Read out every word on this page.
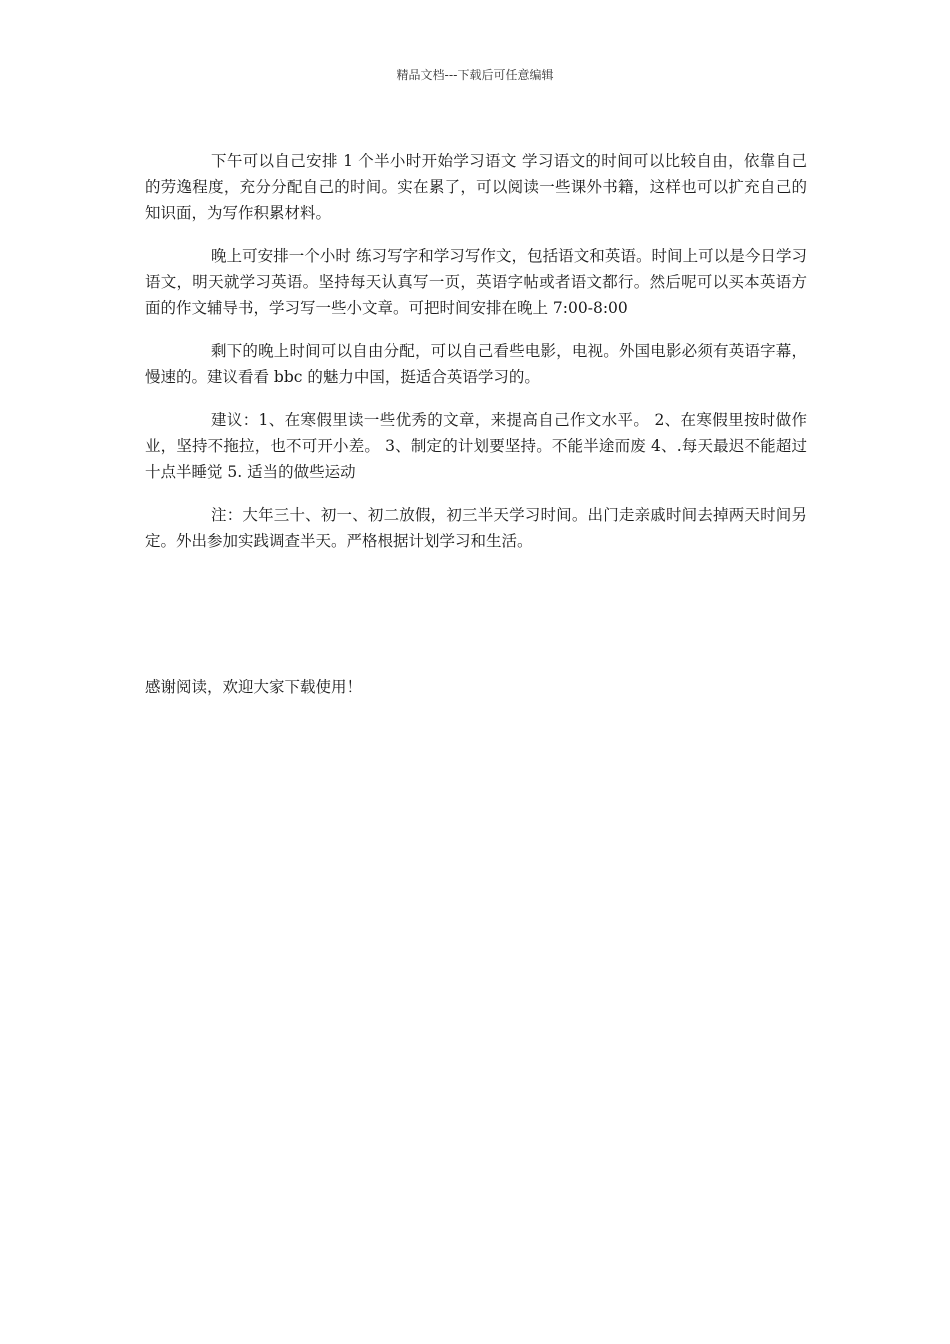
精品文档---下载后可任意编辑

下午可以自己安排 1 个半小时开始学习语文 学习语文的时间可以比较自由，依靠自己的劳逸程度，充分分配自己的时间。实在累了，可以阅读一些课外书籍，这样也可以扩充自己的知识面，为写作积累材料。

晚上可安排一个小时 练习写字和学习写作文，包括语文和英语。时间上可以是今日学习语文，明天就学习英语。坚持每天认真写一页，英语字帖或者语文都行。然后呢可以买本英语方面的作文辅导书，学习写一些小文章。可把时间安排在晚上 7:00-8:00

剩下的晚上时间可以自由分配，可以自己看些电影，电视。外国电影必须有英语字幕，慢速的。建议看看 bbc 的魅力中国，挺适合英语学习的。

建议：1、在寒假里读一些优秀的文章，来提高自己作文水平。 2、在寒假里按时做作业，坚持不拖拉，也不可开小差。 3、制定的计划要坚持。不能半途而废 4、.每天最迟不能超过十点半睡觉 5. 适当的做些运动

注：大年三十、初一、初二放假，初三半天学习时间。出门走亲戚时间去掉两天时间另定。外出参加实践调查半天。严格根据计划学习和生活。

感谢阅读，欢迎大家下载使用！
